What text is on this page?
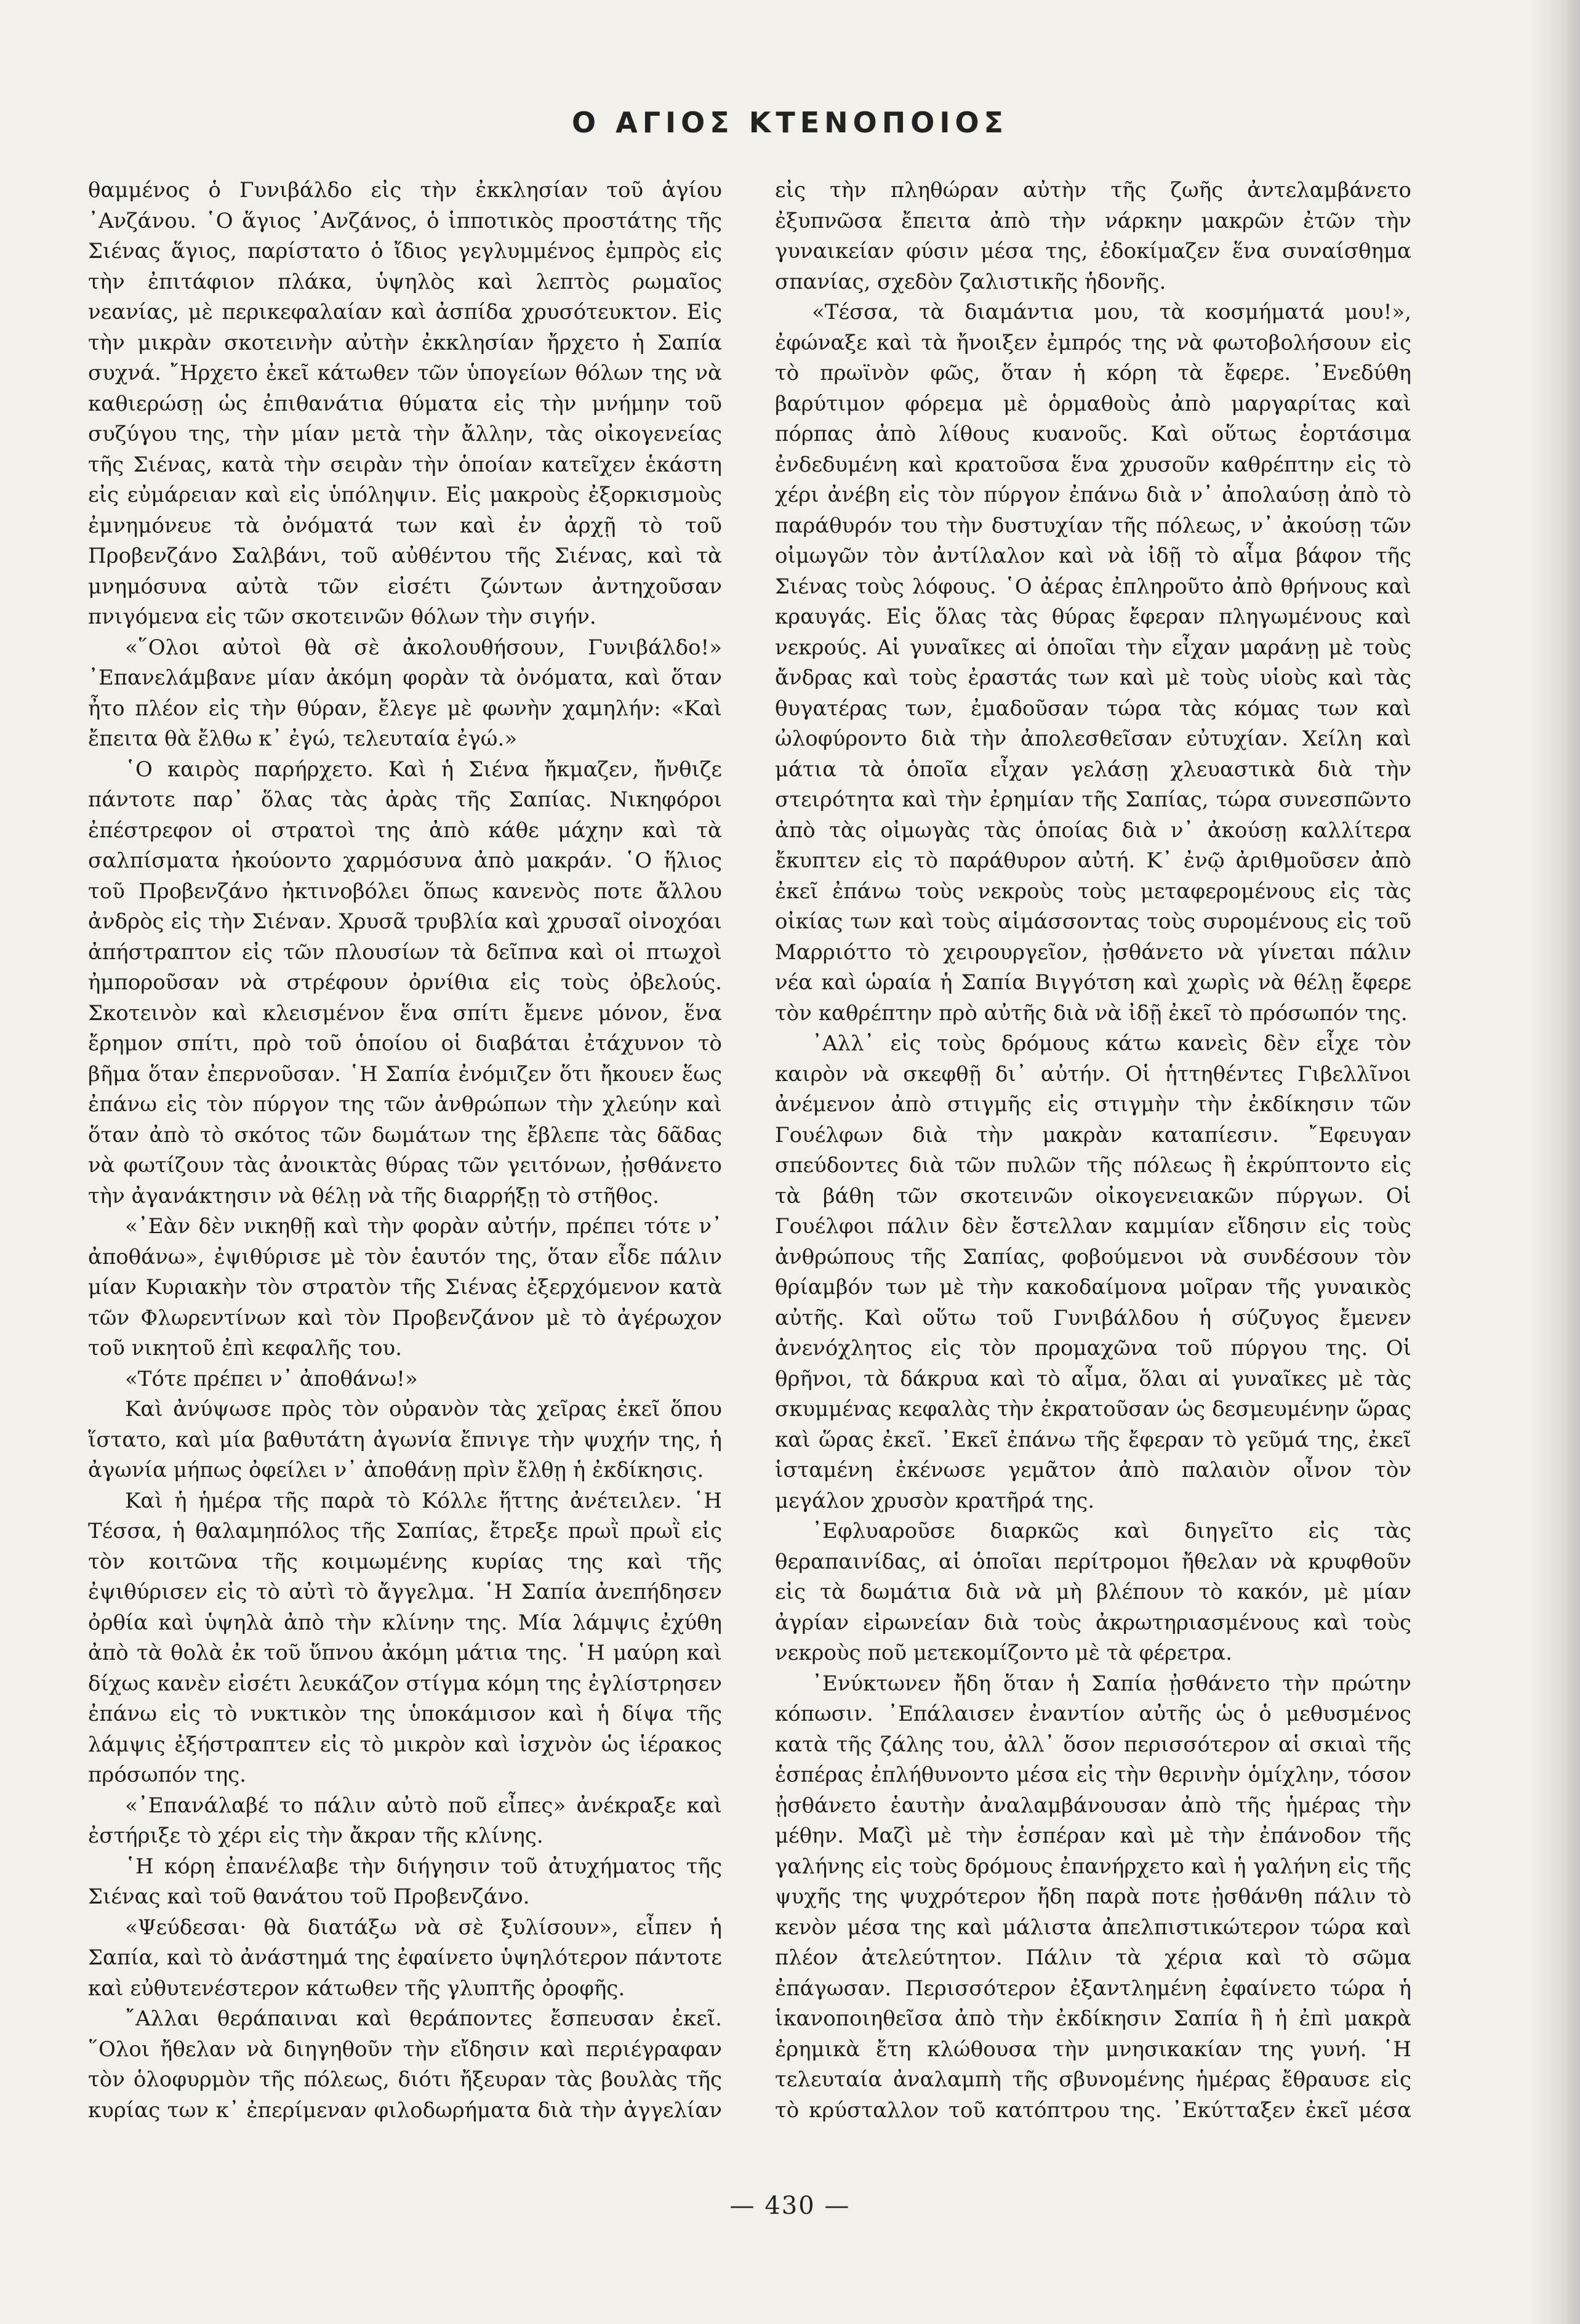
Ο ΑΓΙΟΣ ΚΤΕΝΟΠΟΙΟΣ

θαμμένος ὁ Γυνιβάλδο εἰς τὴν ἐκκλησίαν τοῦ ἁγίου ᾿Ανζάνου. ῾Ο ἅγιος ᾿Ανζάνος, ὁ ἱπποτικὸς προστάτης τῆς Σιένας ἅγιος, παρίστατο ὁ ἴδιος γεγλυμμένος ἐμπρὸς εἰς τὴν ἐπιτάφιον πλάκα, ὑψηλὸς καὶ λεπτὸς ρωμαῖος νεανίας, μὲ περικεφαλαίαν καὶ ἀσπίδα χρυσότευκτον. Εἰς τὴν μικρὰν σκοτεινὴν αὐτὴν ἐκκλησίαν ἤρχετο ἡ Σαπία συχνά. ῎Ηρχετο ἐκεῖ κάτωθεν τῶν ὑπογείων θόλων της νὰ καθιερώσῃ ὡς ἐπιθανάτια θύματα εἰς τὴν μνήμην τοῦ συζύγου της, τὴν μίαν μετὰ τὴν ἄλλην, τὰς οἰκογενείας τῆς Σιένας, κατὰ τὴν σειρὰν τὴν ὁποίαν κατεῖχεν ἑκάστη εἰς εὐμάρειαν καὶ εἰς ὑπόληψιν. Εἰς μακροὺς ἐξορκισμοὺς ἐμνημόνευε τὰ ὀνόματά των καὶ ἐν ἀρχῇ τὸ τοῦ Προβενζάνο Σαλβάνι, τοῦ αὐθέντου τῆς Σιένας, καὶ τὰ μνημόσυνα αὐτὰ τῶν εἰσέτι ζώντων ἀντηχοῦσαν πνιγόμενα εἰς τῶν σκοτεινῶν θόλων τὴν σιγήν.

«῞Ολοι αὐτοὶ θὰ σὲ ἀκολουθήσουν, Γυνιβάλδο!» ᾿Επανελάμβανε μίαν ἀκόμη φορὰν τὰ ὀνόματα, καὶ ὅταν ἦτο πλέον εἰς τὴν θύραν, ἔλεγε μὲ φωνὴν χαμηλήν: «Καὶ ἔπειτα θὰ ἔλθω κ᾿ ἐγώ, τελευταία ἐγώ.»

῾Ο καιρὸς παρήρχετο. Καὶ ἡ Σιένα ἤκμαζεν, ἤνθιζε πάντοτε παρ᾿ ὅλας τὰς ἀρὰς τῆς Σαπίας. Νικηφόροι ἐπέστρεφον οἱ στρατοὶ της ἀπὸ κάθε μάχην καὶ τὰ σαλπίσματα ἠκούοντο χαρμόσυνα ἀπὸ μακράν. ῾Ο ἥλιος τοῦ Προβενζάνο ἠκτινοβόλει ὅπως κανενὸς ποτε ἄλλου ἀνδρὸς εἰς τὴν Σιέναν. Χρυσᾶ τρυβλία καὶ χρυσαῖ οἰνοχόαι ἀπήστραπτον εἰς τῶν πλουσίων τὰ δεῖπνα καὶ οἱ πτωχοὶ ἠμποροῦσαν νὰ στρέφουν ὀρνίθια εἰς τοὺς ὀβελούς. Σκοτεινὸν καὶ κλεισμένον ἕνα σπίτι ἔμενε μόνον, ἕνα ἔρημον σπίτι, πρὸ τοῦ ὁποίου οἱ διαβάται ἐτάχυνον τὸ βῆμα ὅταν ἐπερνοῦσαν. ῾Η Σαπία ἐνόμιζεν ὅτι ἤκουεν ἕως ἐπάνω εἰς τὸν πύργον της τῶν ἀνθρώπων τὴν χλεύην καὶ ὅταν ἀπὸ τὸ σκότος τῶν δωμάτων της ἔβλεπε τὰς δᾶδας νὰ φωτίζουν τὰς ἀνοικτὰς θύρας τῶν γειτόνων, ᾐσθάνετο τὴν ἀγανάκτησιν νὰ θέλῃ νὰ τῆς διαρρήξῃ τὸ στῆθος.

«᾿Εὰν δὲν νικηθῇ καὶ τὴν φορὰν αὐτήν, πρέπει τότε ν᾿ ἀποθάνω», ἐψιθύρισε μὲ τὸν ἑαυτόν της, ὅταν εἶδε πάλιν μίαν Κυριακὴν τὸν στρατὸν τῆς Σιένας ἐξερχόμενον κατὰ τῶν Φλωρεντίνων καὶ τὸν Προβενζάνον μὲ τὸ ἀγέρωχον τοῦ νικητοῦ ἐπὶ κεφαλῆς του.

«Τότε πρέπει ν᾿ ἀποθάνω!»

Καὶ ἀνύψωσε πρὸς τὸν οὐρανὸν τὰς χεῖρας ἐκεῖ ὅπου ἵστατο, καὶ μία βαθυτάτη ἀγωνία ἔπνιγε τὴν ψυχήν της, ἡ ἀγωνία μήπως ὀφείλει ν᾿ ἀποθάνῃ πρὶν ἔλθῃ ἡ ἐκδίκησις.

Καὶ ἡ ἡμέρα τῆς παρὰ τὸ Κόλλε ἥττης ἀνέτειλεν. ῾Η Τέσσα, ἡ θαλαμηπόλος τῆς Σαπίας, ἔτρεξε πρωῒ πρωῒ εἰς τὸν κοιτῶνα τῆς κοιμωμένης κυρίας της καὶ τῆς ἐψιθύρισεν εἰς τὸ αὐτὶ τὸ ἄγγελμα. ῾Η Σαπία ἀνεπήδησεν ὀρθία καὶ ὑψηλὰ ἀπὸ τὴν κλίνην της. Μία λάμψις ἐχύθη ἀπὸ τὰ θολὰ ἐκ τοῦ ὕπνου ἀκόμη μάτια της. ῾Η μαύρη καὶ δίχως κανὲν εἰσέτι λευκάζον στίγμα κόμη της ἐγλίστρησεν ἐπάνω εἰς τὸ νυκτικὸν της ὑποκάμισον καὶ ἡ δίψα τῆς λάμψις ἐξήστραπτεν εἰς τὸ μικρὸν καὶ ἰσχνὸν ὡς ἱέρακος πρόσωπόν της.

«᾿Επανάλαβέ το πάλιν αὐτὸ ποῦ εἶπες» ἀνέκραξε καὶ ἐστήριξε τὸ χέρι εἰς τὴν ἄκραν τῆς κλίνης.

῾Η κόρη ἐπανέλαβε τὴν διήγησιν τοῦ ἀτυχήματος τῆς Σιένας καὶ τοῦ θανάτου τοῦ Προβενζάνο.

«Ψεύδεσαι· θὰ διατάξω νὰ σὲ ξυλίσουν», εἶπεν ἡ Σαπία, καὶ τὸ ἀνάστημά της ἐφαίνετο ὑψηλότερον πάντοτε καὶ εὐθυτενέστερον κάτωθεν τῆς γλυπτῆς ὀροφῆς.

῎Αλλαι θεράπαιναι καὶ θεράποντες ἔσπευσαν ἐκεῖ. ῞Ολοι ἤθελαν νὰ διηγηθοῦν τὴν εἴδησιν καὶ περιέγραφαν τὸν ὁλοφυρμὸν τῆς πόλεως, διότι ἤξευραν τὰς βουλὰς τῆς κυρίας των κ᾿ ἐπερίμεναν φιλοδωρήματα διὰ τὴν ἀγγελίαν

εἰς τὴν πληθώραν αὐτὴν τῆς ζωῆς ἀντελαμβάνετο ἐξυπνῶσα ἔπειτα ἀπὸ τὴν νάρκην μακρῶν ἐτῶν τὴν γυναικείαν φύσιν μέσα της, ἐδοκίμαζεν ἕνα συναίσθημα σπανίας, σχεδὸν ζαλιστικῆς ἡδονῆς.

«Τέσσα, τὰ διαμάντια μου, τὰ κοσμήματά μου!», ἐφώναξε καὶ τὰ ἤνοιξεν ἐμπρός της νὰ φωτοβολήσουν εἰς τὸ πρωϊνὸν φῶς, ὅταν ἡ κόρη τὰ ἔφερε. ᾿Ενεδύθη βαρύτιμον φόρεμα μὲ ὁρμαθοὺς ἀπὸ μαργαρίτας καὶ πόρπας ἀπὸ λίθους κυανοῦς. Καὶ οὕτως ἑορτάσιμα ἐνδεδυμένη καὶ κρατοῦσα ἕνα χρυσοῦν καθρέπτην εἰς τὸ χέρι ἀνέβη εἰς τὸν πύργον ἐπάνω διὰ ν᾿ ἀπολαύσῃ ἀπὸ τὸ παράθυρόν του τὴν δυστυχίαν τῆς πόλεως, ν᾿ ἀκούσῃ τῶν οἰμωγῶν τὸν ἀντίλαλον καὶ νὰ ἰδῇ τὸ αἷμα βάφον τῆς Σιένας τοὺς λόφους. ῾Ο ἀέρας ἐπληροῦτο ἀπὸ θρήνους καὶ κραυγάς. Εἰς ὅλας τὰς θύρας ἔφεραν πληγωμένους καὶ νεκρούς. Αἱ γυναῖκες αἱ ὁποῖαι τὴν εἶχαν μαράνῃ μὲ τοὺς ἄνδρας καὶ τοὺς ἐραστάς των καὶ μὲ τοὺς υἱοὺς καὶ τὰς θυγατέρας των, ἐμαδοῦσαν τώρα τὰς κόμας των καὶ ὠλοφύροντο διὰ τὴν ἀπολεσθεῖσαν εὐτυχίαν. Χείλη καὶ μάτια τὰ ὁποῖα εἶχαν γελάσῃ χλευαστικὰ διὰ τὴν στειρότητα καὶ τὴν ἐρημίαν τῆς Σαπίας, τώρα συνεσπῶντο ἀπὸ τὰς οἰμωγὰς τὰς ὁποίας διὰ ν᾿ ἀκούσῃ καλλίτερα ἔκυπτεν εἰς τὸ παράθυρον αὐτή. Κ᾿ ἐνῷ ἀριθμοῦσεν ἀπὸ ἐκεῖ ἐπάνω τοὺς νεκροὺς τοὺς μεταφερομένους εἰς τὰς οἰκίας των καὶ τοὺς αἱμάσσοντας τοὺς συρομένους εἰς τοῦ Μαρριόττο τὸ χειρουργεῖον, ᾐσθάνετο νὰ γίνεται πάλιν νέα καὶ ὡραία ἡ Σαπία Βιγγότση καὶ χωρὶς νὰ θέλῃ ἔφερε τὸν καθρέπτην πρὸ αὐτῆς διὰ νὰ ἰδῇ ἐκεῖ τὸ πρόσωπόν της.

᾿Αλλ᾿ εἰς τοὺς δρόμους κάτω κανεὶς δὲν εἶχε τὸν καιρὸν νὰ σκεφθῇ δι᾿ αὐτήν. Οἱ ἡττηθέντες Γιβελλῖνοι ἀνέμενον ἀπὸ στιγμῆς εἰς στιγμὴν τὴν ἐκδίκησιν τῶν Γουέλφων διὰ τὴν μακρὰν καταπίεσιν. ῎Εφευγαν σπεύδοντες διὰ τῶν πυλῶν τῆς πόλεως ἢ ἐκρύπτοντο εἰς τὰ βάθη τῶν σκοτεινῶν οἰκογενειακῶν πύργων. Οἱ Γουέλφοι πάλιν δὲν ἔστελλαν καμμίαν εἴδησιν εἰς τοὺς ἀνθρώπους τῆς Σαπίας, φοβούμενοι νὰ συνδέσουν τὸν θρίαμβόν των μὲ τὴν κακοδαίμονα μοῖραν τῆς γυναικὸς αὐτῆς. Καὶ οὕτω τοῦ Γυνιβάλδου ἡ σύζυγος ἔμενεν ἀνενόχλητος εἰς τὸν προμαχῶνα τοῦ πύργου της. Οἱ θρῆνοι, τὰ δάκρυα καὶ τὸ αἷμα, ὅλαι αἱ γυναῖκες μὲ τὰς σκυμμένας κεφαλὰς τὴν ἐκρατοῦσαν ὡς δεσμευμένην ὥρας καὶ ὥρας ἐκεῖ. ᾿Εκεῖ ἐπάνω τῆς ἔφεραν τὸ γεῦμά της, ἐκεῖ ἱσταμένη ἐκένωσε γεμᾶτον ἀπὸ παλαιὸν οἶνον τὸν μεγάλον χρυσὸν κρατῆρά της.

᾿Εφλυαροῦσε διαρκῶς καὶ διηγεῖτο εἰς τὰς θεραπαινίδας, αἱ ὁποῖαι περίτρομοι ἤθελαν νὰ κρυφθοῦν εἰς τὰ δωμάτια διὰ νὰ μὴ βλέπουν τὸ κακόν, μὲ μίαν ἀγρίαν εἰρωνείαν διὰ τοὺς ἀκρωτηριασμένους καὶ τοὺς νεκροὺς ποῦ μετεκομίζοντο μὲ τὰ φέρετρα.

᾿Ενύκτωνεν ἤδη ὅταν ἡ Σαπία ᾐσθάνετο τὴν πρώτην κόπωσιν. ᾿Επάλαισεν ἐναντίον αὐτῆς ὡς ὁ μεθυσμένος κατὰ τῆς ζάλης του, ἀλλ᾿ ὅσον περισσότερον αἱ σκιαὶ τῆς ἑσπέρας ἐπλήθυνοντο μέσα εἰς τὴν θερινὴν ὁμίχλην, τόσον ᾐσθάνετο ἑαυτὴν ἀναλαμβάνουσαν ἀπὸ τῆς ἡμέρας τὴν μέθην. Μαζὶ μὲ τὴν ἑσπέραν καὶ μὲ τὴν ἐπάνοδον τῆς γαλήνης εἰς τοὺς δρόμους ἐπανήρχετο καὶ ἡ γαλήνη εἰς τῆς ψυχῆς της ψυχρότερον ἤδη παρὰ ποτε ᾐσθάνθη πάλιν τὸ κενὸν μέσα της καὶ μάλιστα ἀπελπιστικώτερον τώρα καὶ πλέον ἀτελεύτητον. Πάλιν τὰ χέρια καὶ τὸ σῶμα ἐπάγωσαν. Περισσότερον ἐξαντλημένη ἐφαίνετο τώρα ἡ ἱκανοποιηθεῖσα ἀπὸ τὴν ἐκδίκησιν Σαπία ἢ ἡ ἐπὶ μακρὰ ἐρημικὰ ἔτη κλώθουσα τὴν μνησικακίαν της γυνή. ῾Η τελευταία ἀναλαμπὴ τῆς σβυνομένης ἡμέρας ἔθραυσε εἰς τὸ κρύσταλλον τοῦ κατόπτρου της. ᾿Εκύτταξεν ἐκεῖ μέσα

— 430 —
